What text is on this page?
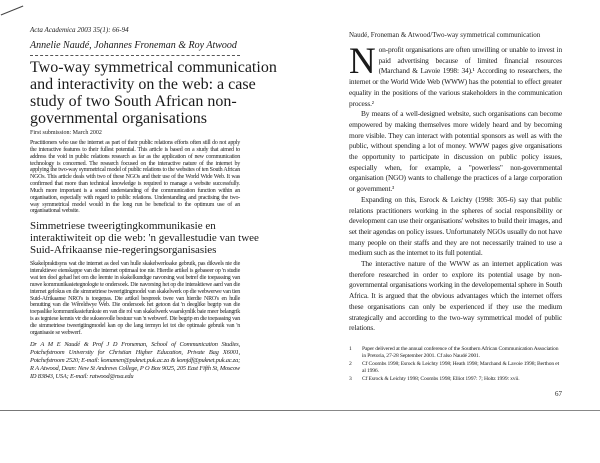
Acta Academica 2003 35(1): 66-94
Annelie Naudé, Johannes Froneman & Roy Atwood
Two-way symmetrical communication and interactivity on the web: a case study of two South African non-governmental organisations
First submission: March 2002
Practitioners who use the internet as part of their public relations efforts often still do not apply the interactive features to their fullest potential. This article is based on a study that aimed to address the void in public relations research as far as the application of new communication technology is concerned. The research focused on the interactive nature of the internet by applying the two-way symmetrical model of public relations to the websites of ten South African NGOs. This article deals with two of these NGOs and their use of the World Wide Web. It was confirmed that more than technical knowledge is required to manage a website successfully. Much more important is a sound understanding of the communication function within an organisation, especially with regard to public relations. Understanding and practising the two-way symmetrical model would in the long run be beneficial to the optimum use of an organisational website.
Simmetriese tweerigtingkommunikasie en interaktiwiteit op die web: 'n gevallestudie van twee Suid-Afrikaanse nie-regeringsorganisasies
Skakelpraktisyns wat die internet as deel van hulle skakelwerksake gebruik, pas dikwels nie die interaktiewe eienskappe van die internet optimaal toe nie. Hierdie artikel is gebaseer op 'n studie wat ten doel gehad het om die leemte in skakelkundige navorsing wat betref die toepassing van nuwe kommunikasietegnologie te ondersoek. Die navorsing het op die interaktiewe aard van die internet gefokus en die simmetriese tweerigtingmodel van skakelwerk op die webwerwe van tien Suid-Afrikaanse NRO's is toegepas. Die artikel bespreek twee van hierdie NRO's en hulle benutting van die Wêreldwye Web. Die ondersoek het getoon dat 'n deeglike begrip van die toepaslike kommunikasiefunksie en van die rol van skakelwerk waarskynlik baie meer belangrik is as tegniese kennis vir die suksesvolle bestuur van 'n webwerf. Die begrip en die toepassing van die simmetriese tweerigtingmodel kan op die lang termyn lei tot die optimale gebruik van 'n organisasie se webwerf.
Dr A M E Naudé & Prof J D Froneman, School of Communication Studies, Potchefstroom University for Christian Higher Education, Private Bag X6001, Potchefstroom 2520; E-mail: komamen@puknet.puk.ac.za & komjdf@puknet.puk.ac.za; R A Atwood, Dean: New St Andrews College, P O Box 9025, 205 East Fifth St, Moscow ID 83843, USA; E-mail: ratwood@nsa.edu
Naudé, Froneman & Atwood/Two-way symmetrical communication

Non-profit organisations are often unwilling or unable to invest in paid advertising because of limited financial resources (Marchand & Lavoie 1998: 34).¹ According to researchers, the internet or the World Wide Web (WWW) has the potential to effect greater equality in the positions of the various stakeholders in the communication process.²

By means of a well-designed website, such organisations can become empowered by making themselves more widely heard and by becoming more visible. They can interact with potential sponsors as well as with the public, without spending a lot of money. WWW pages give organisations the opportunity to participate in discussion on public policy issues, especially when, for example, a "powerless" non-governmental organisation (NGO) wants to challenge the practices of a large corporation or government.³

Expanding on this, Esrock & Leichty (1998: 305-6) say that public relations practitioners working in the spheres of social responsibility or development can use their organisations' websites to build their images, and set their agendas on policy issues. Unfortunately NGOs usually do not have many people on their staffs and they are not necessarily trained to use a medium such as the internet to its full potential.

The interactive nature of the WWW as an internet application was therefore researched in order to explore its potential usage by non-governmental organisations working in the developemental sphere in South Africa. It is argued that the obvious advantages which the internet offers these organisations can only be experienced if they use the medium strategically and according to the two-way symmetrical model of public relations.

1	Paper delivered at the annual conference of the Southern African Communication Association in Pretoria, 27-28 September 2001. Cf also Naudé 2001.
2	Cf Coombs 1998; Esrock & Leichty 1998; Heath 1998; Marchand & Lavoie 1998; Berthon et al 1996.
3	Cf Esrock & Leichty 1998; Coombs 1998; Elliot 1997: 7; Holtz 1999: xvii.
67
